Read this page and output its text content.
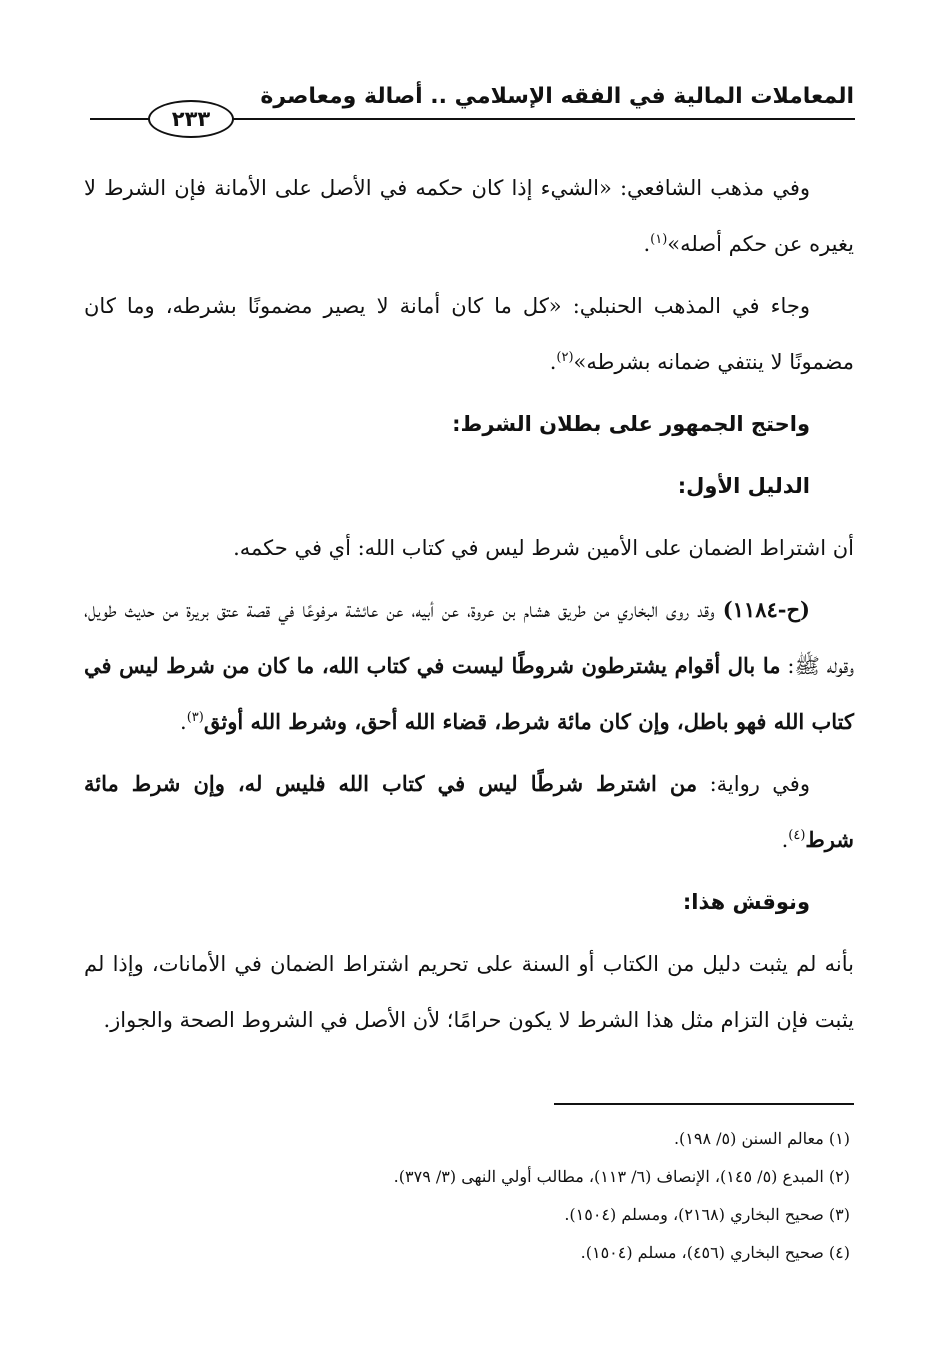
المعاملات المالية في الفقه الإسلامي .. أصالة ومعاصرة
٢٣٣

وفي مذهب الشافعي: «الشيء إذا كان حكمه في الأصل على الأمانة فإن الشرط لا يغيره عن حكم أصله»$^{(١)}$.

وجاء في المذهب الحنبلي: «كل ما كان أمانة لا يصير مضمونًا بشرطه، وما كان مضمونًا لا ينتفي ضمانه بشرطه»$^{(٢)}$.

واحتج الجمهور على بطلان الشرط:

الدليل الأول:

أن اشتراط الضمان على الأمين شرط ليس في كتاب الله: أي في حكمه.

(ح-١١٨٤) وقد روى البخاري من طريق هشام بن عروة، عن أبيه، عن عائشة مرفوعًا في قصة عتق بريرة من حديث طويل، وقوله ﷺ: ما بال أقوام يشترطون شروطًا ليست في كتاب الله، ما كان من شرط ليس في كتاب الله فهو باطل، وإن كان مائة شرط، قضاء الله أحق، وشرط الله أوثق$^{(٣)}$.

وفي رواية: من اشترط شرطًا ليس في كتاب الله فليس له، وإن شرط مائة شرط$^{(٤)}$.

ونوقش هذا:

بأنه لم يثبت دليل من الكتاب أو السنة على تحريم اشتراط الضمان في الأمانات، وإذا لم يثبت فإن التزام مثل هذا الشرط لا يكون حرامًا؛ لأن الأصل في الشروط الصحة والجواز.

(١) معالم السنن (٥/ ١٩٨).
(٢) المبدع (٥/ ١٤٥)، الإنصاف (٦/ ١١٣)، مطالب أولي النهى (٣/ ٣٧٩).
(٣) صحيح البخاري (٢١٦٨)، ومسلم (١٥٠٤).
(٤) صحيح البخاري (٤٥٦)، مسلم (١٥٠٤).
